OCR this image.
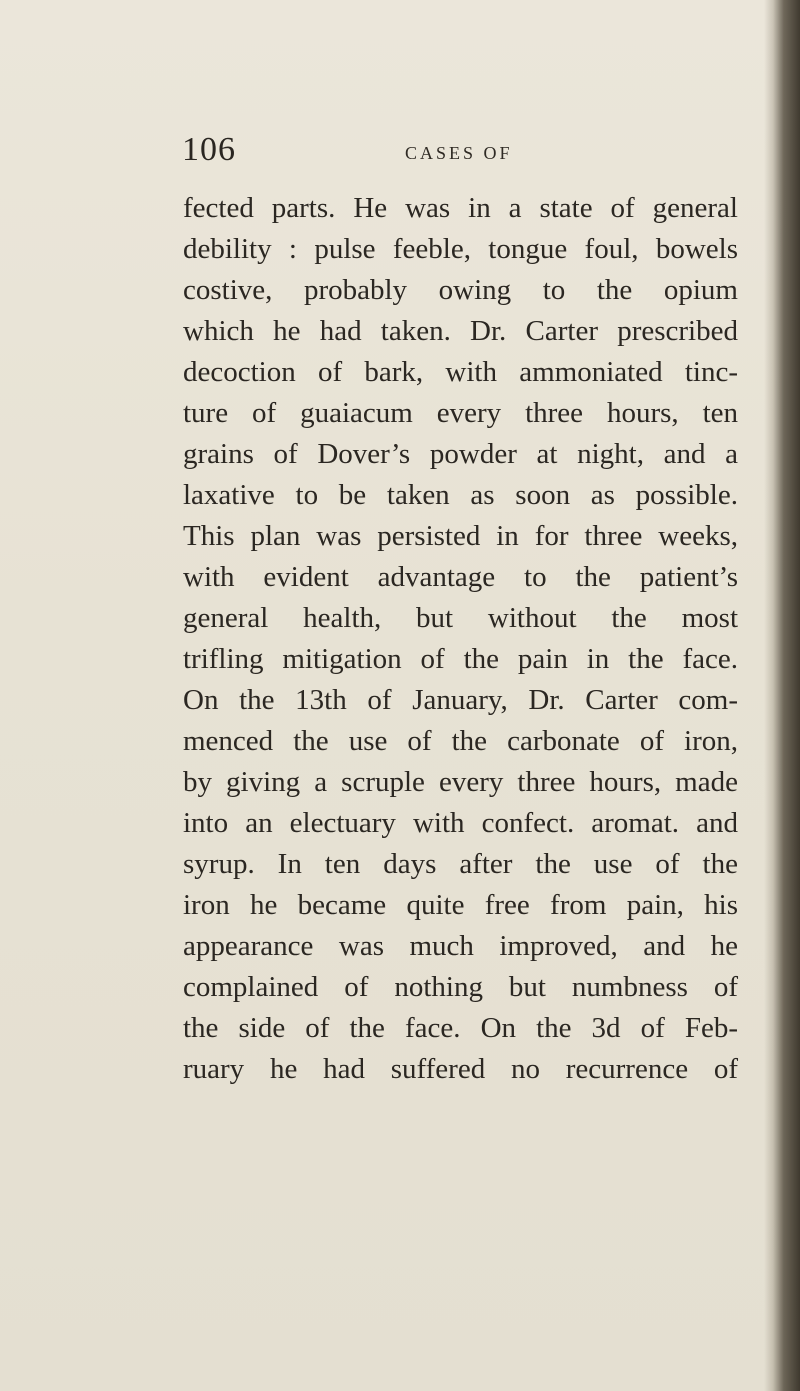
106	CASES OF
fected parts. He was in a state of general
debility : pulse feeble, tongue foul, bowels
costive, probably owing to the opium
which he had taken. Dr. Carter prescribed
decoction of bark, with ammoniated tinc-
ture of guaiacum every three hours, ten
grains of Dover’s powder at night, and a
laxative to be taken as soon as possible.
This plan was persisted in for three weeks,
with evident advantage to the patient’s
general health, but without the most
trifling mitigation of the pain in the face.
On the 13th of January, Dr. Carter com-
menced the use of the carbonate of iron,
by giving a scruple every three hours, made
into an electuary with confect. aromat. and
syrup. In ten days after the use of the
iron he became quite free from pain, his
appearance was much improved, and he
complained of nothing but numbness of
the side of the face. On the 3d of Feb-
ruary he had suffered no recurrence of
